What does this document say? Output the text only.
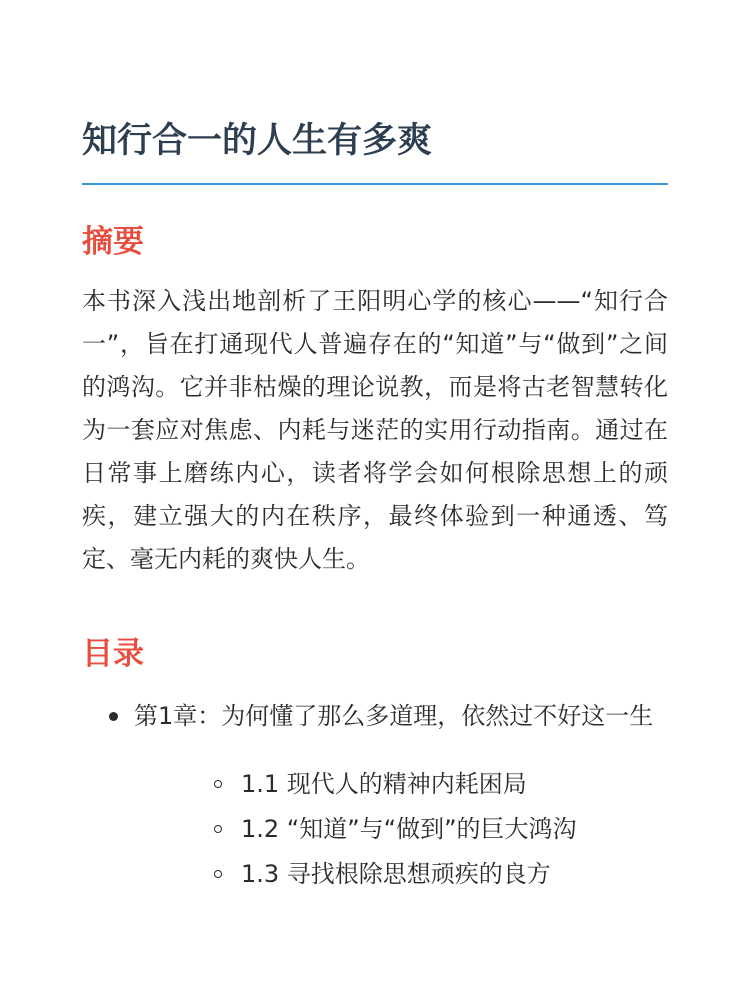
知行合一的人生有多爽
摘要

本书深入浅出地剖析了王阳明心学的核心——“知行合一”，旨在打通现代人普遍存在的“知道”与“做到”之间的鸿沟。它并非枯燥的理论说教，而是将古老智慧转化为一套应对焦虑、内耗与迷茫的实用行动指南。通过在日常事上磨练内心，读者将学会如何根除思想上的顽疾，建立强大的内在秩序，最终体验到一种通透、笃定、毫无内耗的爽快人生。

目录
第1章：为何懂了那么多道理，依然过不好这一生
1.1 现代人的精神内耗困局
1.2 “知道”与“做到”的巨大鸿沟
1.3 寻找根除思想顽疾的良方
